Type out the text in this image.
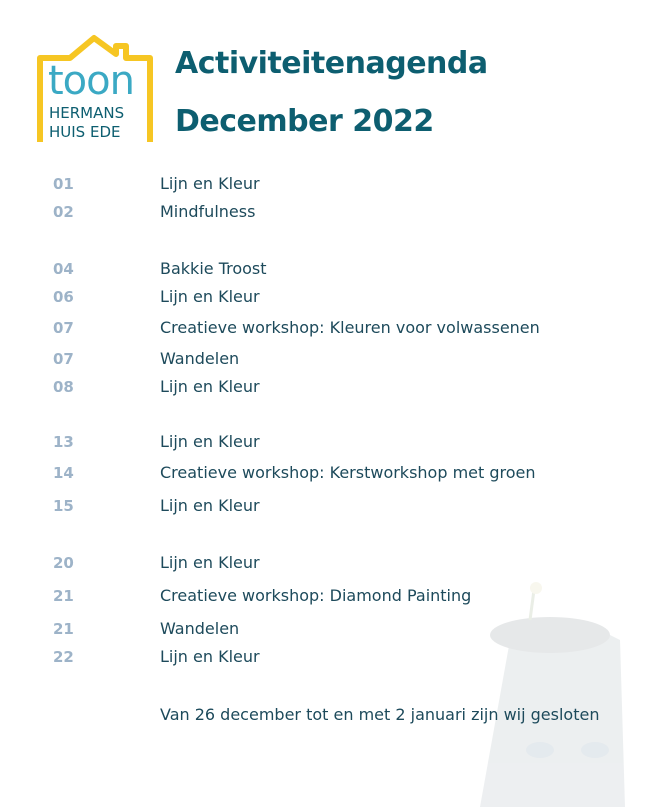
toon
HERMANS
HUIS EDE
Activiteitenagenda
December 2022
01	Lijn en Kleur
02	Mindfulness
04	Bakkie Troost
06	Lijn en Kleur
07	Creatieve workshop: Kleuren voor volwassenen
07	Wandelen
08	Lijn en Kleur
13	Lijn en Kleur
14	Creatieve workshop: Kerstworkshop met groen
15	Lijn en Kleur
20	Lijn en Kleur
21	Creatieve workshop: Diamond Painting
21	Wandelen
22	Lijn en Kleur

Van 26 december tot en met 2 januari zijn wij gesloten
